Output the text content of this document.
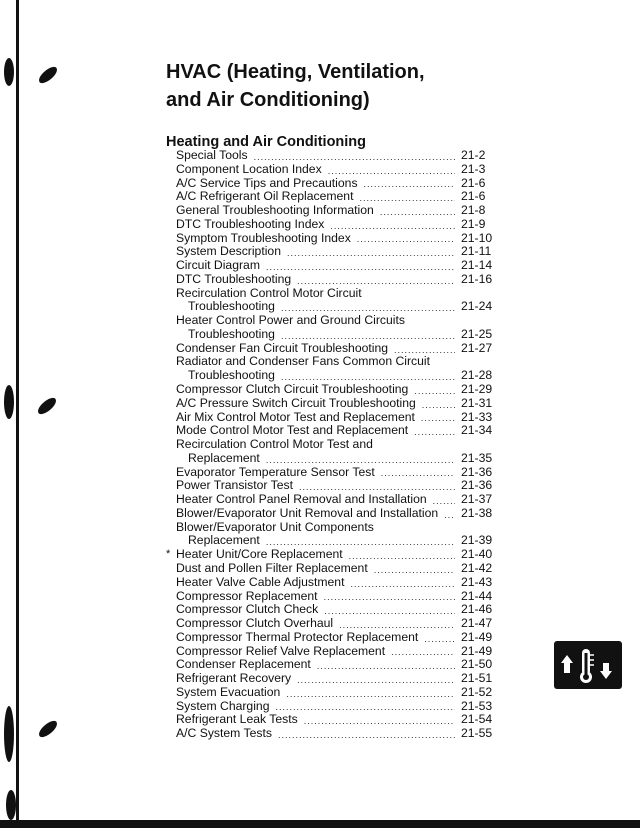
HVAC (Heating, Ventilation,
and Air Conditioning)
Heating and Air Conditioning
Special Tools .....	21-2
Component Location Index .....	21-3
A/C Service Tips and Precautions .....	21-6
A/C Refrigerant Oil Replacement .....	21-6
General Troubleshooting Information .....	21-8
DTC Troubleshooting Index .....	21-9
Symptom Troubleshooting Index .....	21-10
System Description .....	21-11
Circuit Diagram .....	21-14
DTC Troubleshooting .....	21-16
Recirculation Control Motor Circuit
Troubleshooting .....	21-24
Heater Control Power and Ground Circuits
Troubleshooting .....	21-25
Condenser Fan Circuit Troubleshooting .....	21-27
Radiator and Condenser Fans Common Circuit
Troubleshooting .....	21-28
Compressor Clutch Circuit Troubleshooting .....	21-29
A/C Pressure Switch Circuit Troubleshooting .....	21-31
Air Mix Control Motor Test and Replacement .....	21-33
Mode Control Motor Test and Replacement .....	21-34
Recirculation Control Motor Test and
Replacement .....	21-35
Evaporator Temperature Sensor Test .....	21-36
Power Transistor Test .....	21-36
Heater Control Panel Removal and Installation .....	21-37
Blower/Evaporator Unit Removal and Installation ..... 21-38
Blower/Evaporator Unit Components
Replacement .....	21-39
* Heater Unit/Core Replacement .....	21-40
Dust and Pollen Filter Replacement .....	21-42
Heater Valve Cable Adjustment .....	21-43
Compressor Replacement .....	21-44
Compressor Clutch Check .....	21-46
Compressor Clutch Overhaul .....	21-47
Compressor Thermal Protector Replacement .....	21-49
Compressor Relief Valve Replacement .....	21-49
Condenser Replacement .....	21-50
Refrigerant Recovery .....	21-51
System Evacuation .....	21-52
System Charging .....	21-53
Refrigerant Leak Tests .....	21-54
A/C System Tests .....	21-55
